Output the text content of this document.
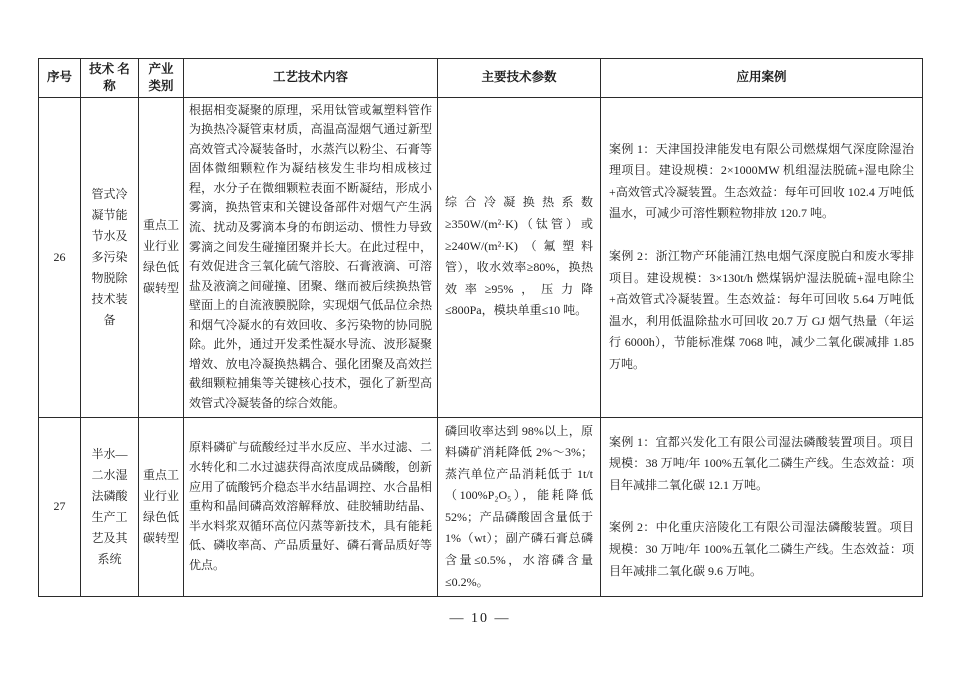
序号	技术 名称	产业 类别	工艺技术内容	主要技术参数	应用案例
26	管式冷凝节能节水及多污染物脱除技术装备	重点工业行业绿色低碳转型	根据相变凝聚的原理，采用钛管或氟塑料管作为换热冷凝管束材质，高温高湿烟气通过新型高效管式冷凝装备时，水蒸汽以粉尘、石膏等固体微细颗粒作为凝结核发生非均相成核过程，水分子在微细颗粒表面不断凝结，形成小雾滴，换热管束和关键设备部件对烟气产生涡流、扰动及雾滴本身的布朗运动、惯性力导致雾滴之间发生碰撞团聚并长大。在此过程中，有效促进含三氧化硫气溶胶、石膏液滴、可溶盐及液滴之间碰撞、团聚、继而被后续换热管壁面上的自流液膜脱除，实现烟气低品位余热和烟气冷凝水的有效回收、多污染物的协同脱除。此外，通过开发柔性凝水导流、波形凝聚增效、放电冷凝换热耦合、强化团聚及高效拦截细颗粒捕集等关键核心技术，强化了新型高效管式冷凝装备的综合效能。	综合冷凝换热系数≥350W/(m²·K)（钛管）或≥240W/(m²·K)（氟塑料管），收水效率≥80%，换热效率≥95%，压力降≤800Pa，模块单重≤10 吨。	

案例 1：天津国投津能发电有限公司燃煤烟气深度除湿治理项目。建设规模：2×1000MW 机组湿法脱硫+湿电除尘+高效管式冷凝装置。生态效益：每年可回收 102.4 万吨低温水，可减少可溶性颗粒物排放 120.7 吨。

案例 2：浙江物产环能浦江热电烟气深度脱白和废水零排项目。建设规模：3×130t/h 燃煤锅炉湿法脱硫+湿电除尘+高效管式冷凝装置。生态效益：每年可回收 5.64 万吨低温水，利用低温除盐水可回收 20.7 万 GJ 烟气热量（年运行 6000h），节能标准煤 7068 吨，减少二氧化碳减排 1.85 万吨。

27	半水—二水湿法磷酸生产工艺及其系统	重点工业行业绿色低碳转型	原料磷矿与硫酸经过半水反应、半水过滤、二水转化和二水过滤获得高浓度成品磷酸，创新应用了硫酸钙介稳态半水结晶调控、水合晶相重构和晶间磷高效溶解释放、硅胶辅助结晶、半水料浆双循环高位闪蒸等新技术，具有能耗低、磷收率高、产品质量好、磷石膏品质好等优点。	磷回收率达到 98%以上，原料磷矿消耗降低 2%～3%；蒸汽单位产品消耗低于 1t/t（100%P₂O₅），能耗降低 52%；产品磷酸固含量低于 1%（wt）；副产磷石膏总磷含量≤0.5%，水溶磷含量≤0.2%。	案例 1：宜都兴发化工有限公司湿法磷酸装置项目。项目规模：38 万吨/年 100%五氧化二磷生产线。生态效益：项目年减排二氧化碳 12.1 万吨。

案例 2：中化重庆涪陵化工有限公司湿法磷酸装置。项目规模：30 万吨/年 100%五氧化二磷生产线。生态效益：项目年减排二氧化碳 9.6 万吨。

— 10 —
